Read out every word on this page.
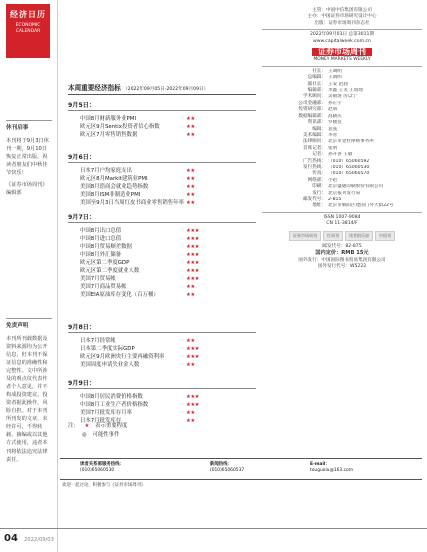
经济日历
ECONOMIC CALENDAR
休刊启事
本刊将于9月3日休刊一期，9月10日恢复正常出版。祝读者朋友们中秋佳节快乐！
《证券市场周刊》编辑部
免责声明
本刊所刊载数据及资料来源均为公开信息，但本刊不保证信息的准确性和完整性。文中所涉及的观点仅代表作者个人意见，并不构成投资建议。投资者据此操作，风险自担。对于本刊所刊发的文章，未经许可，不得转载、摘编或以其他方式使用，违者本刊将依法追究法律责任。
本周重要经济指标 （2022年09月05日-2022年09月09日）
9月5日：
中国8月财新服务业PMI	★★
欧元区9月Sentix投资者信心指数	★★
欧元区7月零售销售数据	★★
9月6日：
日本7月户均家庭支出	★★
欧元区8月Markit建筑业PMI	★★
美国8月谘商会就业趋势指数	★★
美国8月ISM非制造业PMI	★★
美国至9月3日当周红皮书商业零售销售年率 ★★
9月7日：
中国8月出口总值	★★★
中国8月进口总值	★★★
中国8月贸易顺差数据	★★★
中国8月外汇储备	★★★
欧元区第二季度GDP	★★★
欧元区第二季度就业人数	★★★
美国7月贸易帐	★★★
美国7月商品贸易帐	★★
美国EIA原油库存变化（百万桶）	★★
9月8日：
日本7月经常帐	★★
日本第二季度实际GDP	★★★
欧元区9月欧洲央行主要再融资利率	★★★
美国周度申请失业金人数	★★
9月9日：
中国8月居民消费价格指数	★★★
中国8月工业生产者价格指数	★★★
美国7月批发库存月率	★★
日本7月批发库存	★★
注： ★ 表示重要程度
◎ 可能性事件
主管：中国中信集团有限公司
主办：中国证券市场研究设计中心
出版：证券市场周刊杂志社
2022年09月03日 总第3011期
www.capitalweek.com.cn
证券市场周刊
MONEY MARKETS WEEKLY
社长： 王调明
总编辑： 王调明
副社长： 王安 赵润
编辑部： 李鑫 王炎 王瑞琦
学术顾问： 吴敬琏 厉以宁
公司金融部： 孙正宇
投资研究部： 赵萌
数据编辑部： 高晓庆
资讯部： 罗晓仪
编辑： 袁蔓
美术编辑： 李青
法律顾问： 北京市金杜律师事务所
首席记者： 张明
记者： 孙开喜 王敏
广告热线： （010）65060592
发行热线： （010）65060530
传真： （010）65060570
网络部： 小赵
印刷： 北京盛通印刷股份有限公司
发行： 北京报刊发行局
邮发代号： 2-815
地址： 北京市朝阳区建国门外大街22号
ISSN 1007-9084
CN 11-3814/F
证券市场周刊	红周刊	读者俱乐部	中国刊
邮发代号：82-875
国内定价：RMB 15元
国外发行：中国国际图书贸易集团有限公司
国外发行代号：W5222
读者关系部服务热线：
(010)65060530
新闻热线：
(010)65060537
E-mail：
touguolu@163.com
欢迎一起讨论，积极参与《证券市场周刊》
04 2022/09/03
